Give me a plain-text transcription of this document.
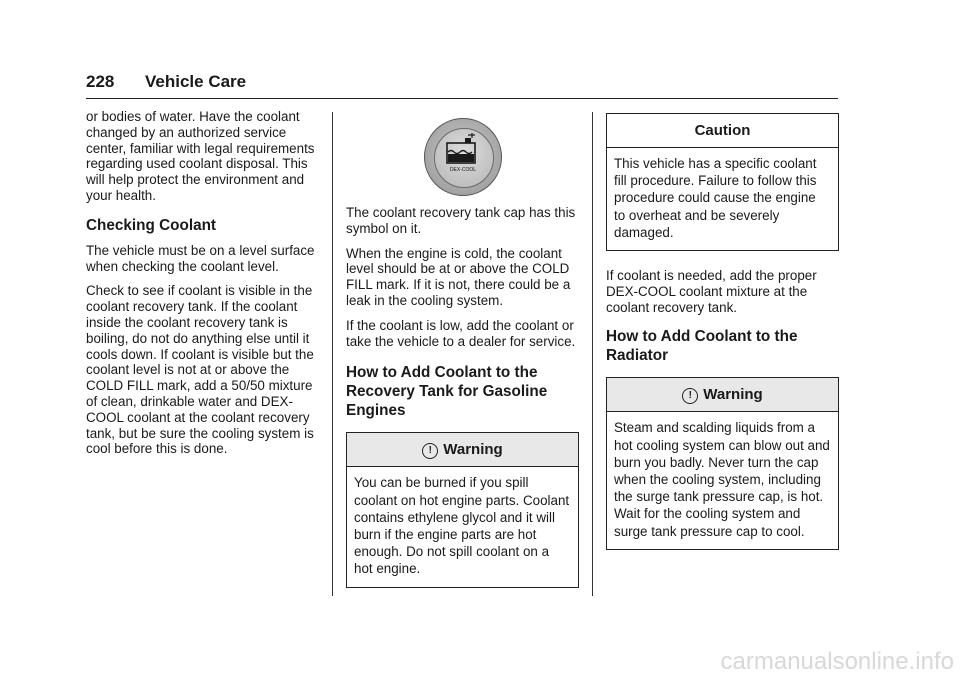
228 Vehicle Care

or bodies of water. Have the coolant changed by an authorized service center, familiar with legal requirements regarding used coolant disposal. This will help protect the environment and your health.

Checking Coolant

The vehicle must be on a level surface when checking the coolant level.

Check to see if coolant is visible in the coolant recovery tank. If the coolant inside the coolant recovery tank is boiling, do not do anything else until it cools down. If coolant is visible but the coolant level is not at or above the COLD FILL mark, add a 50/50 mixture of clean, drinkable water and DEX-COOL coolant at the coolant recovery tank, but be sure the cooling system is cool before this is done.

DEX-COOL

The coolant recovery tank cap has this symbol on it.

When the engine is cold, the coolant level should be at or above the COLD FILL mark. If it is not, there could be a leak in the cooling system.

If the coolant is low, add the coolant or take the vehicle to a dealer for service.

How to Add Coolant to the Recovery Tank for Gasoline Engines
! Warning
You can be burned if you spill coolant on hot engine parts. Coolant contains ethylene glycol and it will burn if the engine parts are hot enough. Do not spill coolant on a hot engine.
Caution
This vehicle has a specific coolant fill procedure. Failure to follow this procedure could cause the engine to overheat and be severely damaged.

If coolant is needed, add the proper DEX-COOL coolant mixture at the coolant recovery tank.

How to Add Coolant to the Radiator
! Warning
Steam and scalding liquids from a hot cooling system can blow out and burn you badly. Never turn the cap when the cooling system, including the surge tank pressure cap, is hot. Wait for the cooling system and surge tank pressure cap to cool.
carmanualsonline.info
